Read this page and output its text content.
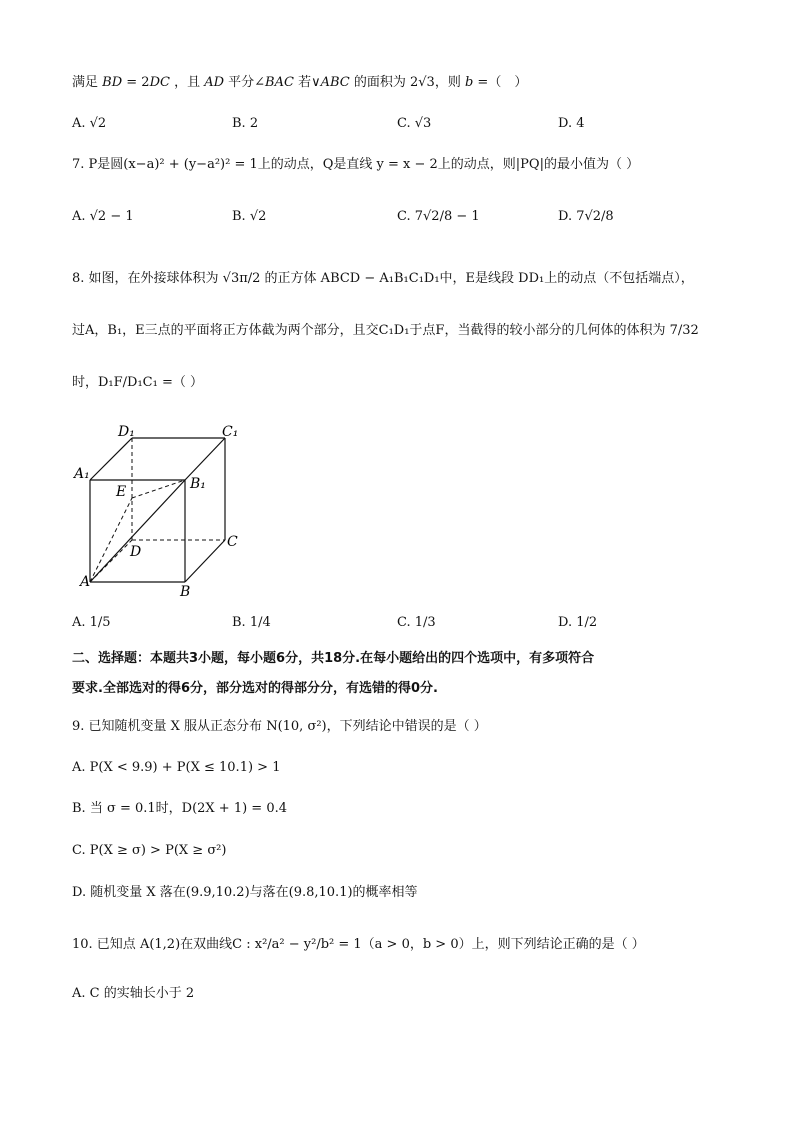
满足 BD = 2DC ，且 AD 平分∠BAC 若∨ABC 的面积为 2√3，则 b =（　）
A. √2	B. 2	C. √3	D. 4
7. P是圆(x−a)² + (y−a²)² = 1上的动点，Q是直线 y = x − 2上的动点，则|PQ|的最小值为（ ）
A. √2 − 1	B. √2	C. 7√2/8 − 1	D. 7√2/8
8. 如图，在外接球体积为 √3π/2 的正方体 ABCD − A₁B₁C₁D₁中，E是线段 DD₁上的动点（不包括端点），
过A，B₁，E三点的平面将正方体截为两个部分，且交C₁D₁于点F，当截得的较小部分的几何体的体积为 7/32
时，D₁F/D₁C₁ =（ ）
D₁	C₁
A₁
B₁
E
D
C
A
B
A. 1/5	B. 1/4	C. 1/3	D. 1/2
二、选择题：本题共3小题，每小题6分，共18分.在每小题给出的四个选项中，有多项符合
要求.全部选对的得6分，部分选对的得部分分，有选错的得0分.
9. 已知随机变量 X 服从正态分布 N(10, σ²)，下列结论中错误的是（ ）
A. P(X < 9.9) + P(X ≤ 10.1) > 1
B. 当 σ = 0.1时，D(2X + 1) = 0.4
C. P(X ≥ σ) > P(X ≥ σ²)
D. 随机变量 X 落在(9.9,10.2)与落在(9.8,10.1)的概率相等
10. 已知点 A(1,2)在双曲线C : x²/a² − y²/b² = 1（a > 0，b > 0）上，则下列结论正确的是（ ）
A. C 的实轴长小于 2
